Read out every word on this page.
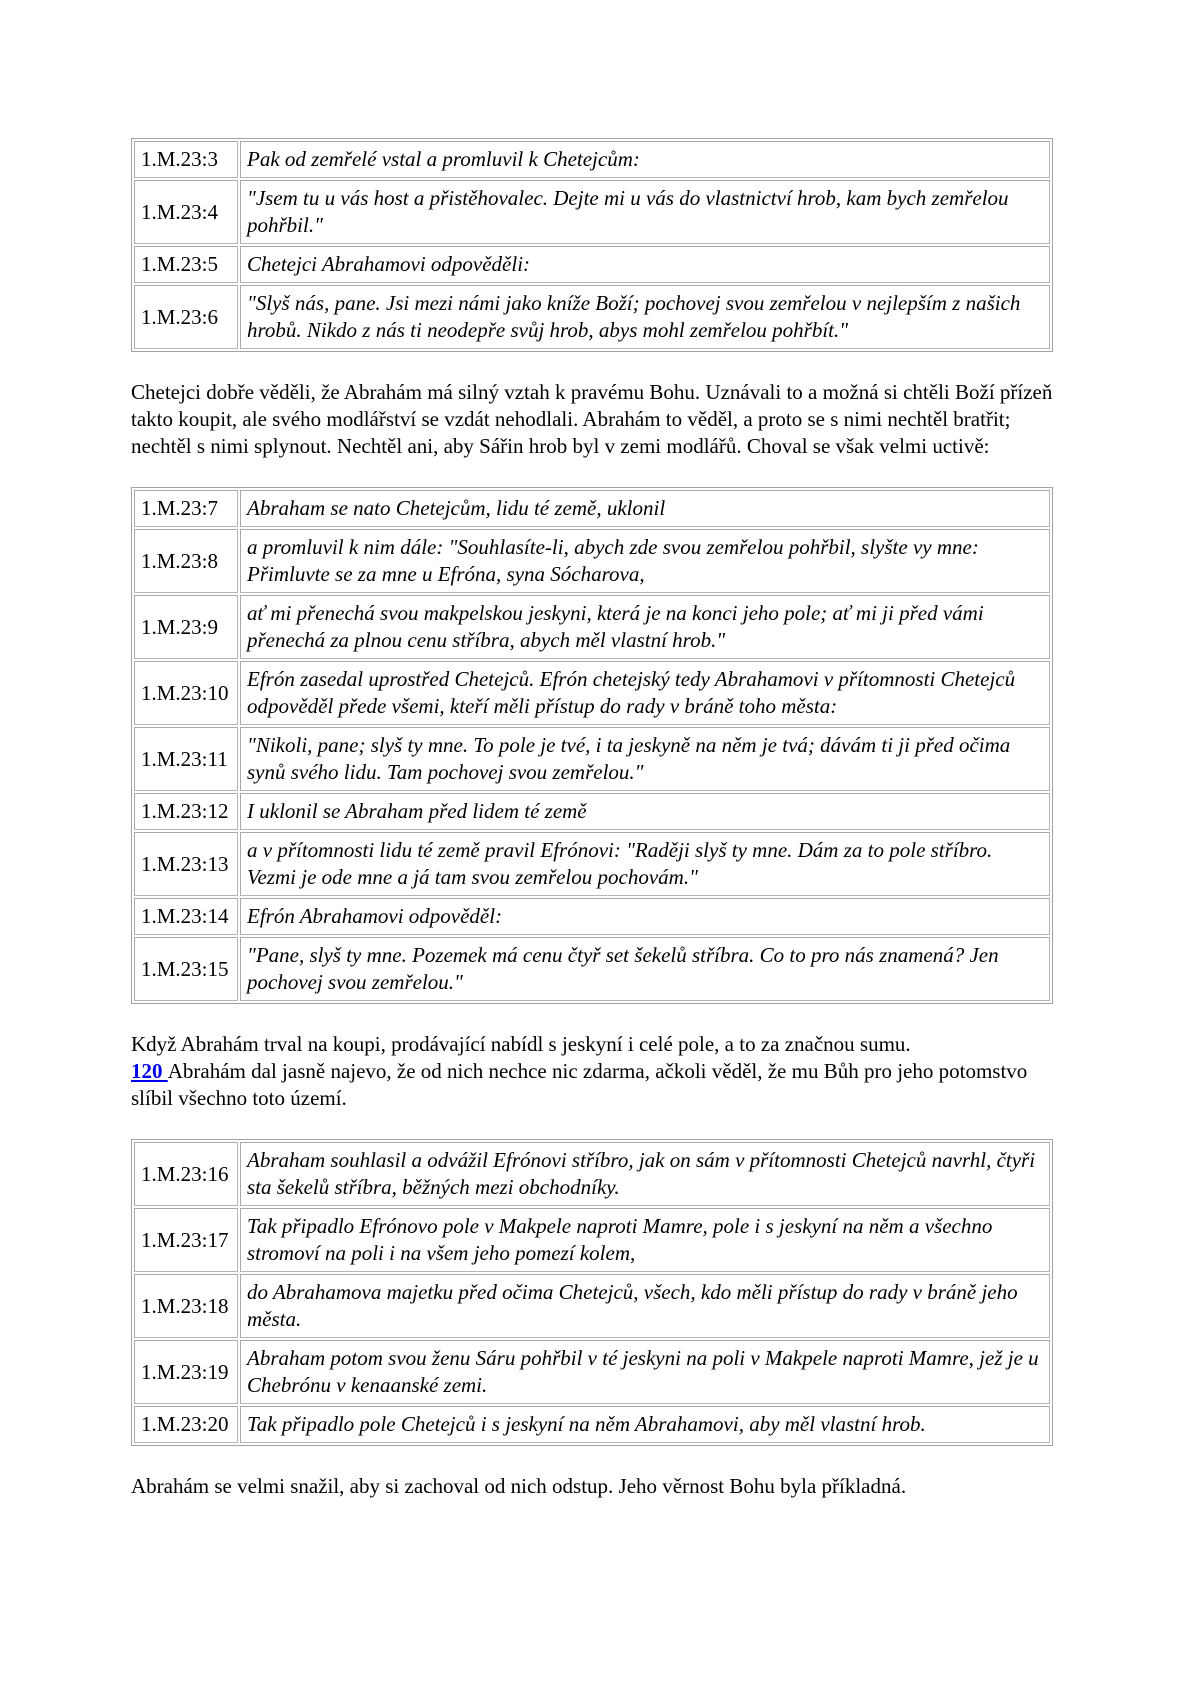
1.M.23:3	Pak od zemřelé vstal a promluvil k Chetejcům:
1.M.23:4	"Jsem tu u vás host a přistěhovalec. Dejte mi u vás do vlastnictví hrob, kam bych zemřelou pohřbil."
1.M.23:5	Chetejci Abrahamovi odpověděli:
1.M.23:6	"Slyš nás, pane. Jsi mezi námi jako kníže Boží; pochovej svou zemřelou v nejlepším z našich hrobů. Nikdo z nás ti neodepře svůj hrob, abys mohl zemřelou pohřbít."

Chetejci dobře věděli, že Abrahám má silný vztah k pravému Bohu. Uznávali to a možná si chtěli Boží přízeň takto koupit, ale svého modlářství se vzdát nehodlali. Abrahám to věděl, a proto se s nimi nechtěl bratřit; nechtěl s nimi splynout. Nechtěl ani, aby Sářin hrob byl v zemi modlářů. Choval se však velmi uctivě:

1.M.23:7	Abraham se nato Chetejcům, lidu té země, uklonil
1.M.23:8	a promluvil k nim dále: "Souhlasíte-li, abych zde svou zemřelou pohřbil, slyšte vy mne: Přimluvte se za mne u Efróna, syna Sócharova,
1.M.23:9	ať mi přenechá svou makpelskou jeskyni, která je na konci jeho pole; ať mi ji před vámi přenechá za plnou cenu stříbra, abych měl vlastní hrob."
1.M.23:10	Efrón zasedal uprostřed Chetejců. Efrón chetejský tedy Abrahamovi v přítomnosti Chetejců odpověděl přede všemi, kteří měli přístup do rady v bráně toho města:
1.M.23:11	"Nikoli, pane; slyš ty mne. To pole je tvé, i ta jeskyně na něm je tvá; dávám ti ji před očima synů svého lidu. Tam pochovej svou zemřelou."
1.M.23:12	I uklonil se Abraham před lidem té země
1.M.23:13	a v přítomnosti lidu té země pravil Efrónovi: "Raději slyš ty mne. Dám za to pole stříbro. Vezmi je ode mne a já tam svou zemřelou pochovám."
1.M.23:14	Efrón Abrahamovi odpověděl:
1.M.23:15	"Pane, slyš ty mne. Pozemek má cenu čtyř set šekelů stříbra. Co to pro nás znamená? Jen pochovej svou zemřelou."

Když Abrahám trval na koupi, prodávající nabídl s jeskyní i celé pole, a to za značnou sumu.
120 Abrahám dal jasně najevo, že od nich nechce nic zdarma, ačkoli věděl, že mu Bůh pro jeho potomstvo slíbil všechno toto území.

1.M.23:16	Abraham souhlasil a odvážil Efrónovi stříbro, jak on sám v přítomnosti Chetejců navrhl, čtyři sta šekelů stříbra, běžných mezi obchodníky.
1.M.23:17	Tak připadlo Efrónovo pole v Makpele naproti Mamre, pole i s jeskyní na něm a všechno stromoví na poli i na všem jeho pomezí kolem,
1.M.23:18	do Abrahamova majetku před očima Chetejců, všech, kdo měli přístup do rady v bráně jeho města.
1.M.23:19	Abraham potom svou ženu Sáru pohřbil v té jeskyni na poli v Makpele naproti Mamre, jež je u Chebrónu v kenaanské zemi.
1.M.23:20	Tak připadlo pole Chetejců i s jeskyní na něm Abrahamovi, aby měl vlastní hrob.

Abrahám se velmi snažil, aby si zachoval od nich odstup. Jeho věrnost Bohu byla příkladná.
